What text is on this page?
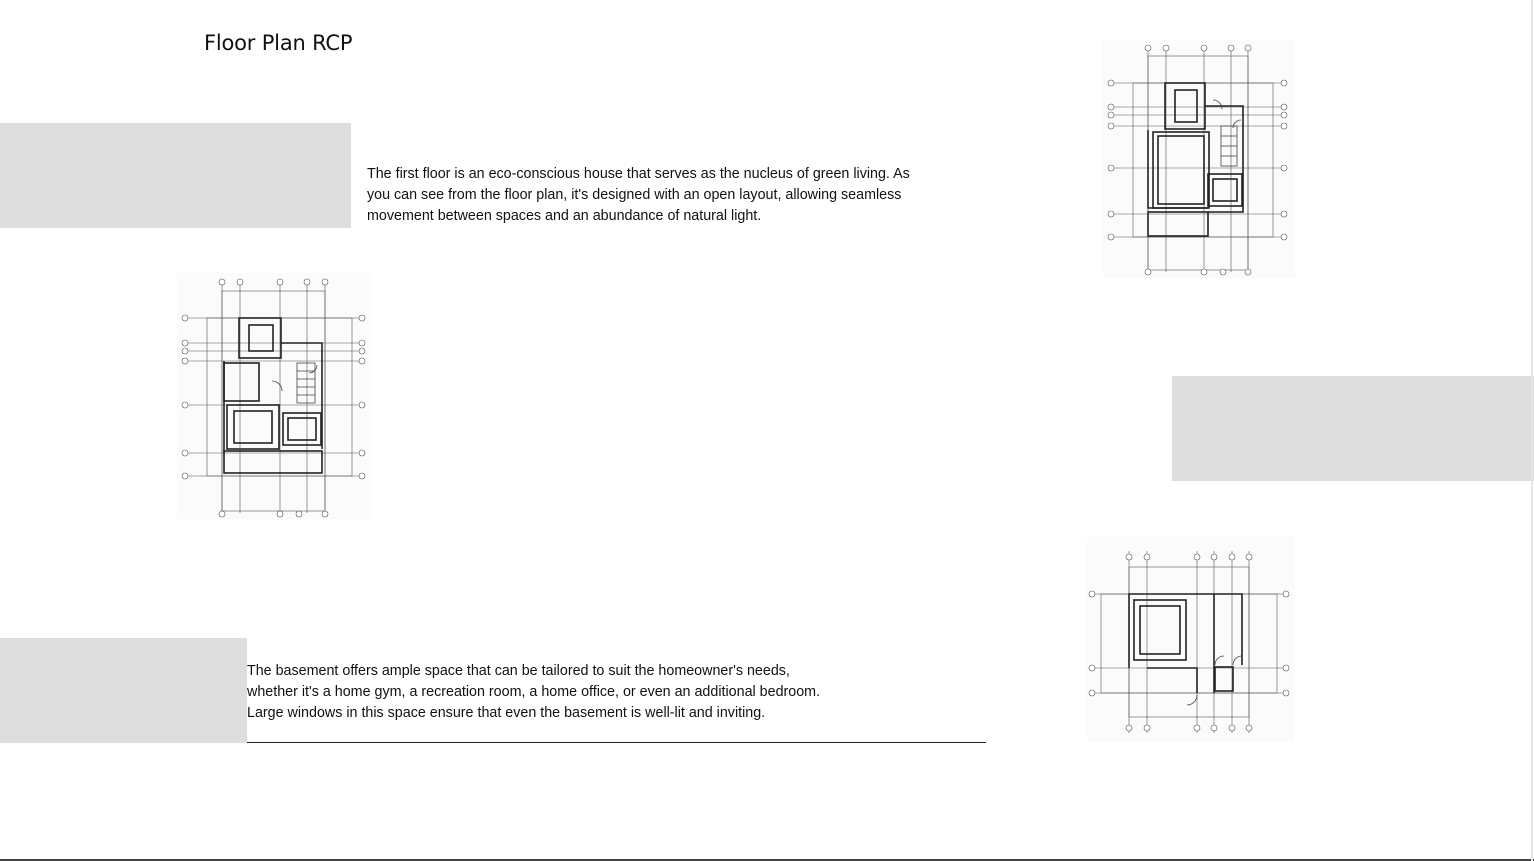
Floor Plan RCP

The first floor is an eco-conscious house that serves as the nucleus of green living. As you can see from the floor plan, it's designed with an open layout, allowing seamless movement between spaces and an abundance of natural light.

The basement offers ample space that can be tailored to suit the homeowner's needs, whether it's a home gym, a recreation room, a home office, or even an additional bedroom. Large windows in this space ensure that even the basement is well-lit and inviting.
